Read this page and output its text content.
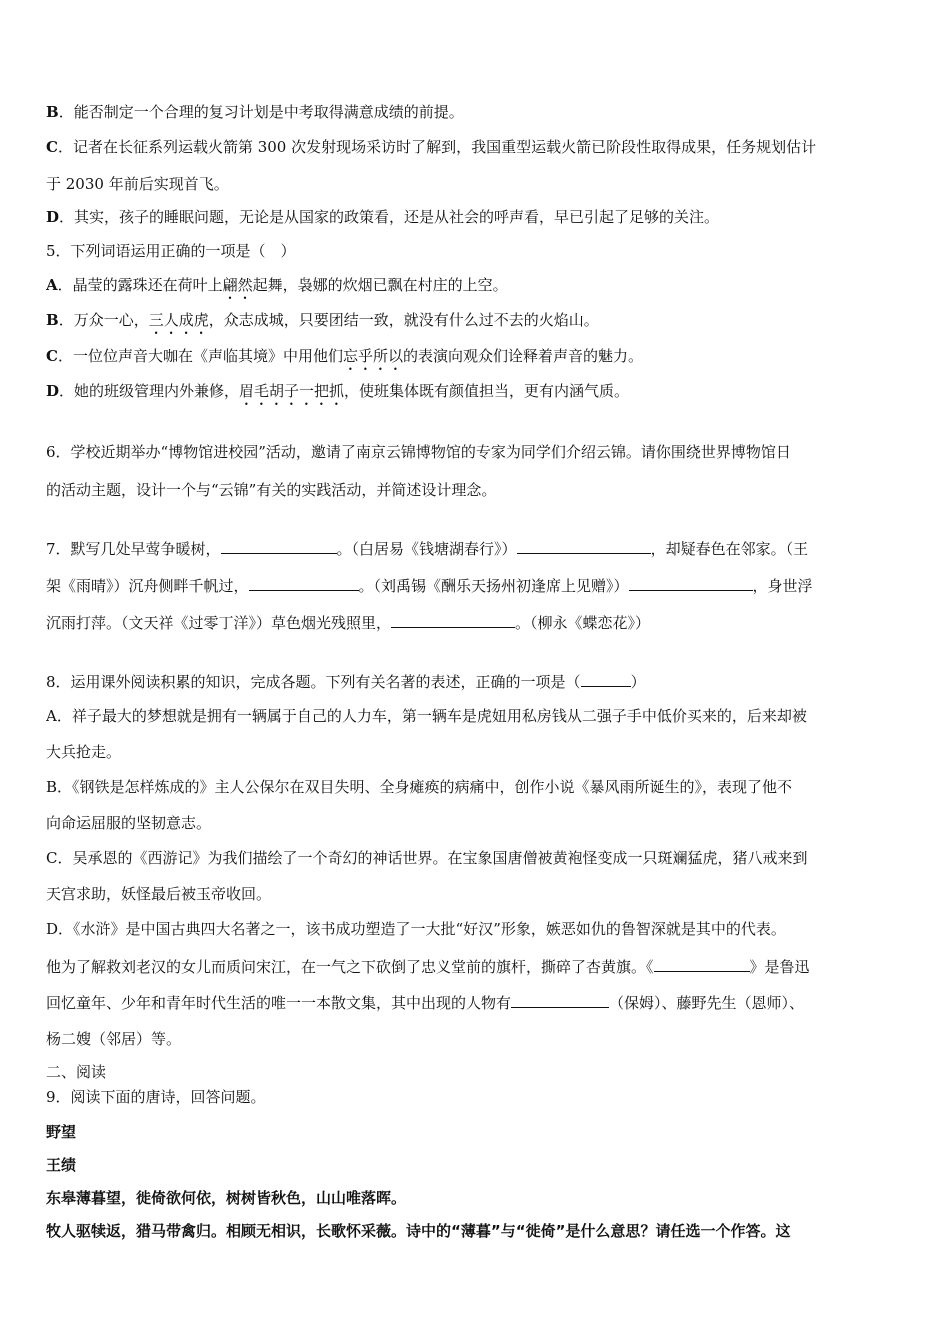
B．能否制定一个合理的复习计划是中考取得满意成绩的前提。
C．记者在长征系列运载火箭第 300 次发射现场采访时了解到，我国重型运载火箭已阶段性取得成果，任务规划估计
于 2030 年前后实现首飞。
D．其实，孩子的睡眠问题，无论是从国家的政策看，还是从社会的呼声看，早已引起了足够的关注。
5．下列词语运用正确的一项是（　）
A．晶莹的露珠还在荷叶上翩然起舞，袅娜的炊烟已飘在村庄的上空。
B．万众一心，三人成虎，众志成城，只要团结一致，就没有什么过不去的火焰山。
C．一位位声音大咖在《声临其境》中用他们忘乎所以的表演向观众们诠释着声音的魅力。
D．她的班级管理内外兼修，眉毛胡子一把抓，使班集体既有颜值担当，更有内涵气质。
6．学校近期举办“博物馆进校园”活动，邀请了南京云锦博物馆的专家为同学们介绍云锦。请你围绕世界博物馆日
的活动主题，设计一个与“云锦”有关的实践活动，并简述设计理念。
7．默写几处早莺争暖树，	。（白居易《钱塘湖春行》）	，却疑春色在邻家。（王
架《雨晴》）沉舟侧畔千帆过，	。（刘禹锡《酬乐天扬州初逢席上见赠》）	，身世浮
沉雨打萍。（文天祥《过零丁洋》）草色烟光残照里，	。（柳永《蝶恋花》）
8．运用课外阅读积累的知识，完成各题。下列有关名著的表述，正确的一项是（	）
A．祥子最大的梦想就是拥有一辆属于自己的人力车，第一辆车是虎妞用私房钱从二强子手中低价买来的，后来却被
大兵抢走。
B．《钢铁是怎样炼成的》主人公保尔在双目失明、全身瘫痪的病痛中，创作小说《暴风雨所诞生的》，表现了他不
向命运屈服的坚韧意志。
C．吴承恩的《西游记》为我们描绘了一个奇幻的神话世界。在宝象国唐僧被黄袍怪变成一只斑斓猛虎，猪八戒来到
天宫求助，妖怪最后被玉帝收回。
D．《水浒》是中国古典四大名著之一，该书成功塑造了一大批“好汉”形象，嫉恶如仇的鲁智深就是其中的代表。
他为了解救刘老汉的女儿而质问宋江，在一气之下砍倒了忠义堂前的旗杆，撕碎了杏黄旗。《	》是鲁迅
回忆童年、少年和青年时代生活的唯一一本散文集，其中出现的人物有	（保姆）、藤野先生（恩师）、
杨二嫂（邻居）等。
二、阅读
9．阅读下面的唐诗，回答问题。
野望
王绩
东皋薄暮望，徙倚欲何依，树树皆秋色，山山唯落晖。
牧人驱犊返，猎马带禽归。相顾无相识，长歌怀采薇。诗中的“薄暮”与“徙倚”是什么意思？请任选一个作答。这
